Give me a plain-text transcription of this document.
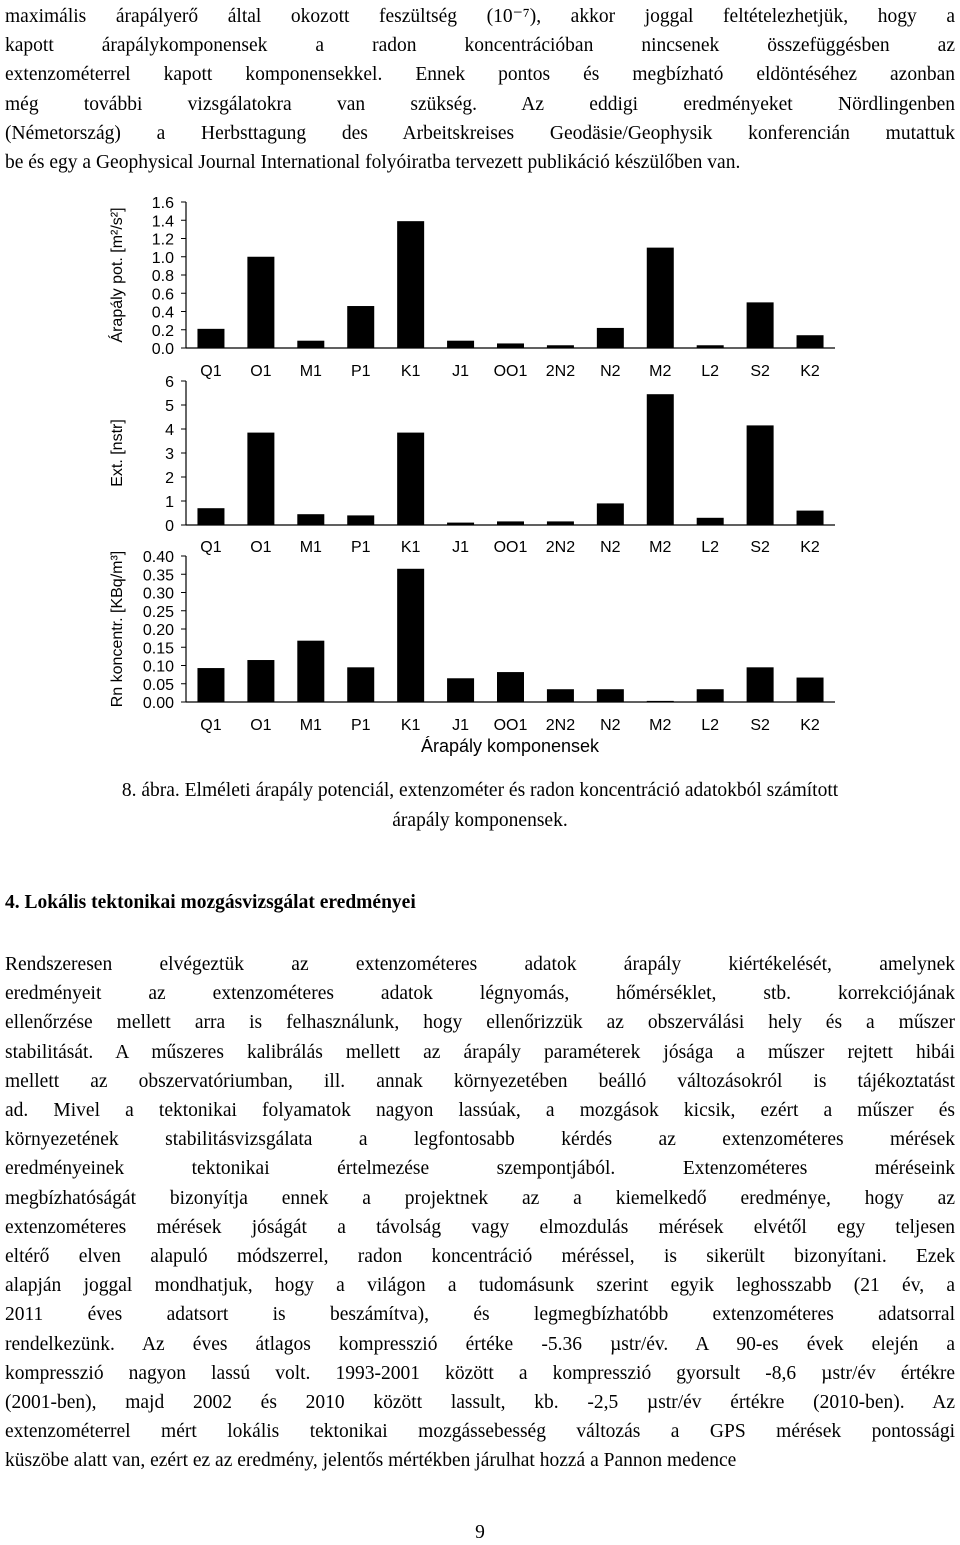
maximális árapályerő által okozott feszültség (10⁻⁷), akkor joggal feltételezhetjük, hogy a
kapott árapálykomponensek a radon koncentrációban nincsenek összefüggésben az
extenzométerrel kapott komponensekkel. Ennek pontos és megbízható eldöntéséhez azonban
még további vizsgálatokra van szükség. Az eddigi eredményeket Nördlingenben
(Németország) a Herbsttagung des Arbeitskreises Geodäsie/Geophysik konferencián mutattuk
be és egy a Geophysical Journal International folyóiratba tervezett publikáció készülőben van.
0.0
0.2
0.4
0.6
0.8
1.0
1.2
1.4
1.6
Q1 O1 M1 P1 K1 J1 OO1 2N2 N2 M2 L2 S2 K2
Árapály pot. [m²/s²]
0
1
2
3
4
5
6
Q1 O1 M1 P1 K1 J1 OO1 2N2 N2 M2 L2 S2 K2
Ext. [nstr]
0.00
0.05
0.10
0.15
0.20
0.25
0.30
0.35
0.40
Q1 O1 M1 P1 K1 J1 OO1 2N2 N2 M2 L2 S2 K2
Rn koncentr. [KBq/m³]
Árapály komponensek
8. ábra. Elméleti árapály potenciál, extenzométer és radon koncentráció adatokból számított
árapály komponensek.
4. Lokális tektonikai mozgásvizsgálat eredményei
Rendszeresen elvégeztük az extenzométeres adatok árapály kiértékelését, amelynek
eredményeit az extenzométeres adatok légnyomás, hőmérséklet, stb. korrekciójának
ellenőrzése mellett arra is felhasználunk, hogy ellenőrizzük az obszerválási hely és a műszer
stabilitását. A műszeres kalibrálás mellett az árapály paraméterek jósága a műszer rejtett hibái
mellett az obszervatóriumban, ill. annak környezetében beálló változásokról is tájékoztatást
ad. Mivel a tektonikai folyamatok nagyon lassúak, a mozgások kicsik, ezért a műszer és
környezetének stabilitásvizsgálata a legfontosabb kérdés az extenzométeres mérések
eredményeinek tektonikai értelmezése szempontjából. Extenzométeres méréseink
megbízhatóságát bizonyítja ennek a projektnek az a kiemelkedő eredménye, hogy az
extenzométeres mérések jóságát a távolság vagy elmozdulás mérések elvétől egy teljesen
eltérő elven alapuló módszerrel, radon koncentráció méréssel, is sikerült bizonyítani. Ezek
alapján joggal mondhatjuk, hogy a világon a tudomásunk szerint egyik leghosszabb (21 év, a
2011 éves adatsort is beszámítva), és legmegbízhatóbb extenzométeres adatsorral
rendelkezünk. Az éves átlagos kompresszió értéke -5.36 µstr/év. A 90-es évek elején a
kompresszió nagyon lassú volt. 1993-2001 között a kompresszió gyorsult -8,6 µstr/év értékre
(2001-ben), majd 2002 és 2010 között lassult, kb. -2,5 µstr/év értékre (2010-ben). Az
extenzométerrel mért lokális tektonikai mozgássebesség változás a GPS mérések pontossági
küszöbe alatt van, ezért ez az eredmény, jelentős mértékben járulhat hozzá a Pannon medence
9
